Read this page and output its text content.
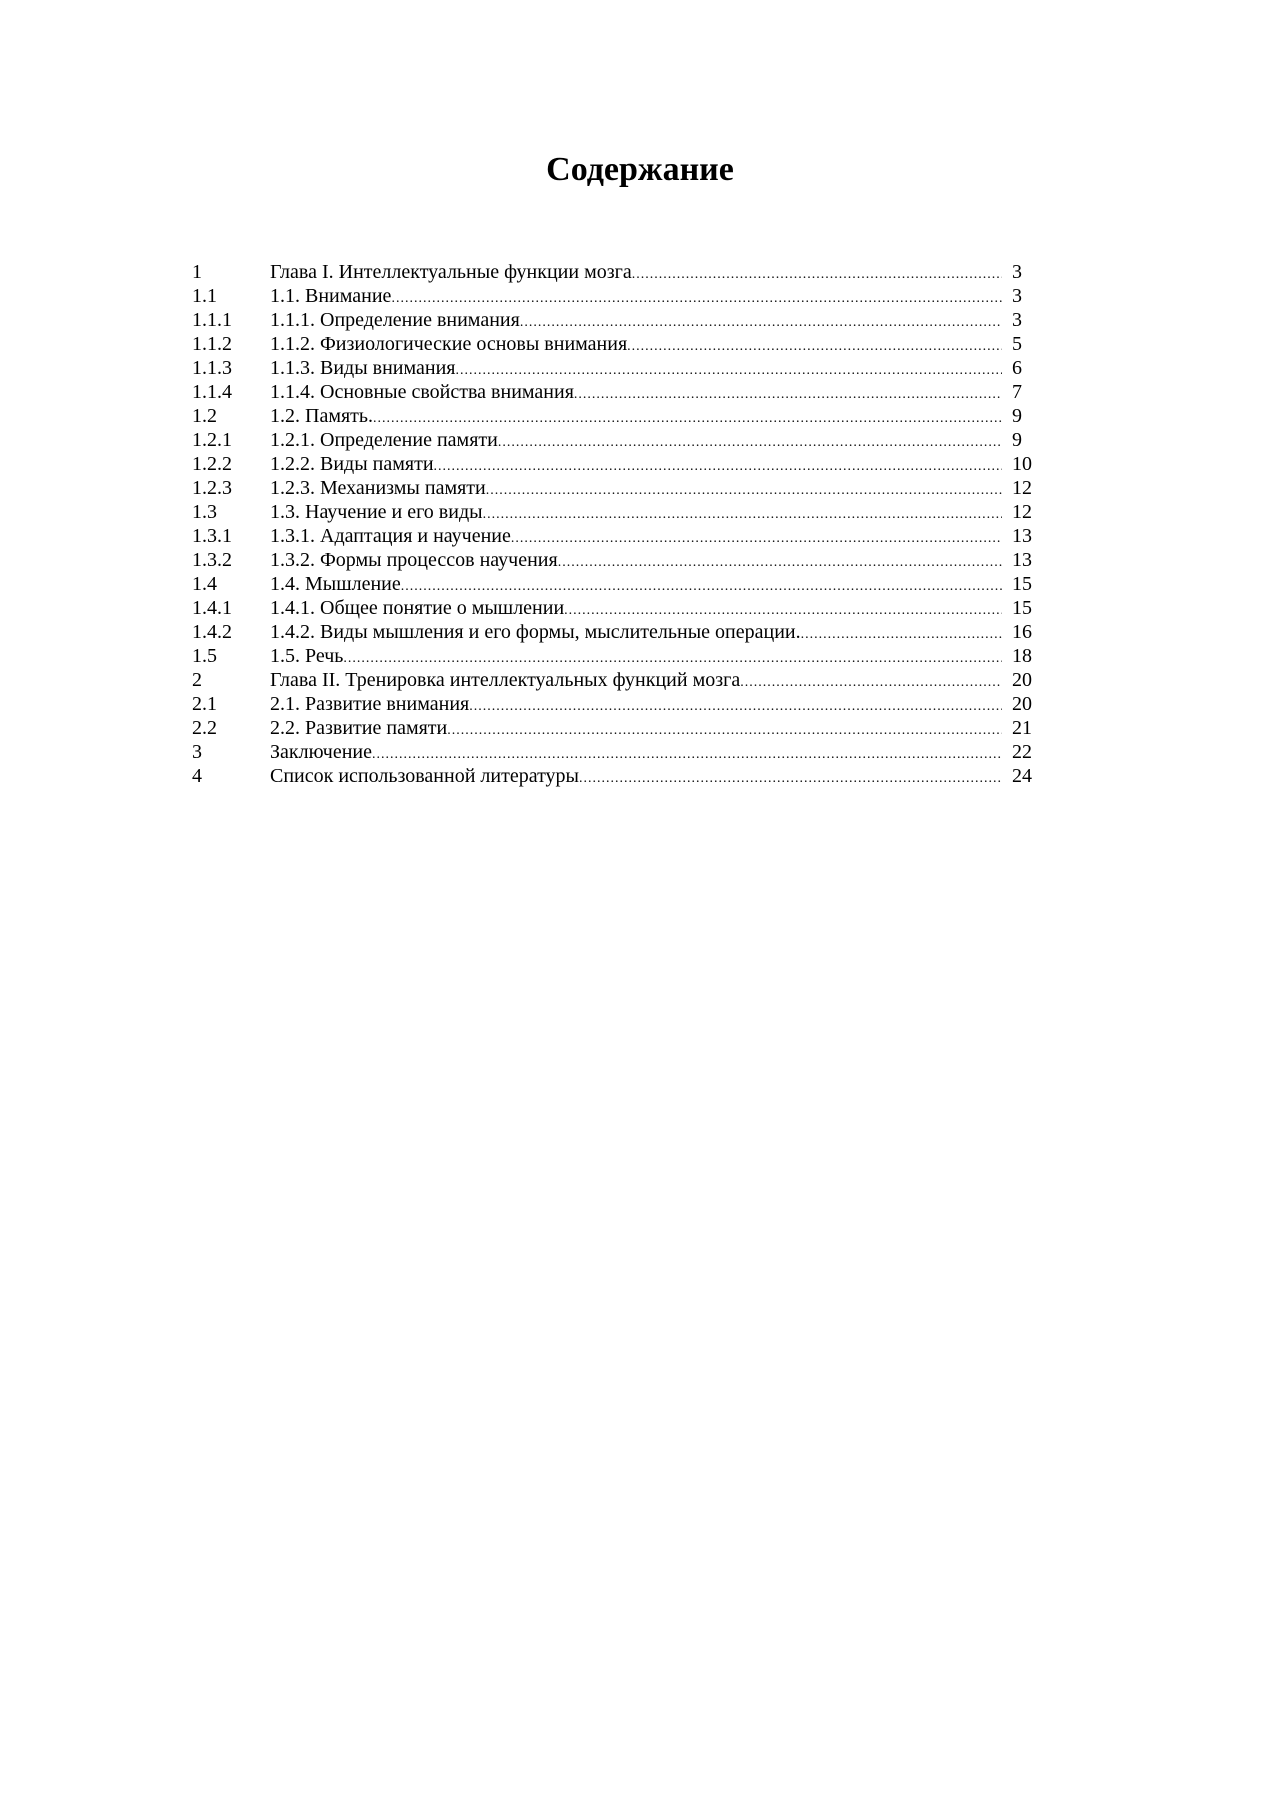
Содержание
1	Глава I. Интеллектуальные функции мозга .....	3
1.1	1.1. Внимание .....	3
1.1.1	1.1.1. Определение внимания .....	3
1.1.2	1.1.2. Физиологические основы внимания .....	5
1.1.3	1.1.3. Виды внимания .....	6
1.1.4	1.1.4. Основные свойства внимания .....	7
1.2	1.2. Память. .....	9
1.2.1	1.2.1. Определение памяти .....	9
1.2.2	1.2.2. Виды памяти .....	10
1.2.3	1.2.3. Механизмы памяти .....	12
1.3	1.3. Научение и его виды .....	12
1.3.1	1.3.1. Адаптация и научение .....	13
1.3.2	1.3.2. Формы процессов научения .....	13
1.4	1.4. Мышление .....	15
1.4.1	1.4.1. Общее понятие о мышлении .....	15
1.4.2	1.4.2. Виды мышления и его формы, мыслительные операции. .....	16
1.5	1.5. Речь .....	18
2	Глава II. Тренировка интеллектуальных функций мозга .....	20
2.1	2.1. Развитие внимания .....	20
2.2	2.2. Развитие памяти .....	21
3	Заключение .....	22
4	Список использованной литературы .....	24
